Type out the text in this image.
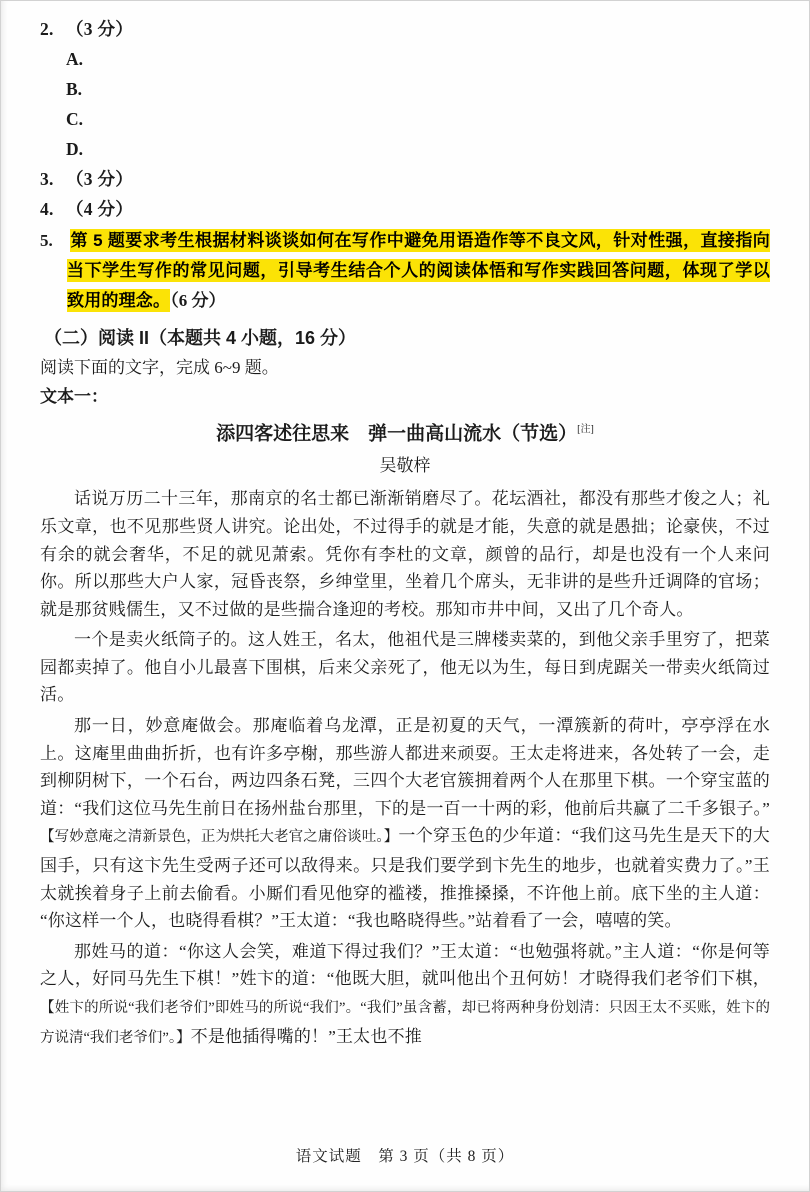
2. （3 分）
A.
B.
C.
D.
3. （3 分）
4. （4 分）
5. 第 5 题要求考生根据材料谈谈如何在写作中避免用语造作等不良文风，针对性强，直接指向当下学生写作的常见问题，引导考生结合个人的阅读体悟和写作实践回答问题，体现了学以致用的理念。（6 分）
（二）阅读 II（本题共 4 小题，16 分）
阅读下面的文字，完成 6~9 题。
文本一：
添四客述往思来　弹一曲高山流水（节选）[注]
吴敬梓

话说万历二十三年，那南京的名士都已渐渐销磨尽了。花坛酒社，都没有那些才俊之人；礼乐文章，也不见那些贤人讲究。论出处，不过得手的就是才能，失意的就是愚拙；论豪侠，不过有余的就会奢华，不足的就见萧索。凭你有李杜的文章，颜曾的品行，却是也没有一个人来问你。所以那些大户人家，冠昏丧祭，乡绅堂里，坐着几个席头，无非讲的是些升迁调降的官场；就是那贫贱儒生，又不过做的是些揣合逢迎的考校。那知市井中间，又出了几个奇人。

一个是卖火纸筒子的。这人姓王，名太，他祖代是三牌楼卖菜的，到他父亲手里穷了，把菜园都卖掉了。他自小儿最喜下围棋，后来父亲死了，他无以为生，每日到虎踞关一带卖火纸筒过活。

那一日，妙意庵做会。那庵临着乌龙潭，正是初夏的天气，一潭簇新的荷叶，亭亭浮在水上。这庵里曲曲折折，也有许多亭榭，那些游人都进来顽耍。王太走将进来，各处转了一会，走到柳阴树下，一个石台，两边四条石凳，三四个大老官簇拥着两个人在那里下棋。一个穿宝蓝的道：“我们这位马先生前日在扬州盐台那里，下的是一百一十两的彩，他前后共赢了二千多银子。”【写妙意庵之清新景色，正为烘托大老官之庸俗谈吐。】一个穿玉色的少年道：“我们这马先生是天下的大国手，只有这卞先生受两子还可以敌得来。只是我们要学到卞先生的地步，也就着实费力了。”王太就挨着身子上前去偷看。小厮们看见他穿的褴褛，推推搡搡，不许他上前。底下坐的主人道：“你这样一个人，也晓得看棋？”王太道：“我也略晓得些。”站着看了一会，嘻嘻的笑。

那姓马的道：“你这人会笑，难道下得过我们？”王太道：“也勉强将就。”主人道：“你是何等之人，好同马先生下棋！”姓卞的道：“他既大胆，就叫他出个丑何妨！才晓得我们老爷们下棋，【姓卞的所说“我们老爷们”即姓马的所说“我们”。“我们”虽含蓄，却已将两种身份划清：只因王太不买账，姓卞的方说清“我们老爷们”。】不是他插得嘴的！”王太也不推

语文试题　第 3 页（共 8 页）
